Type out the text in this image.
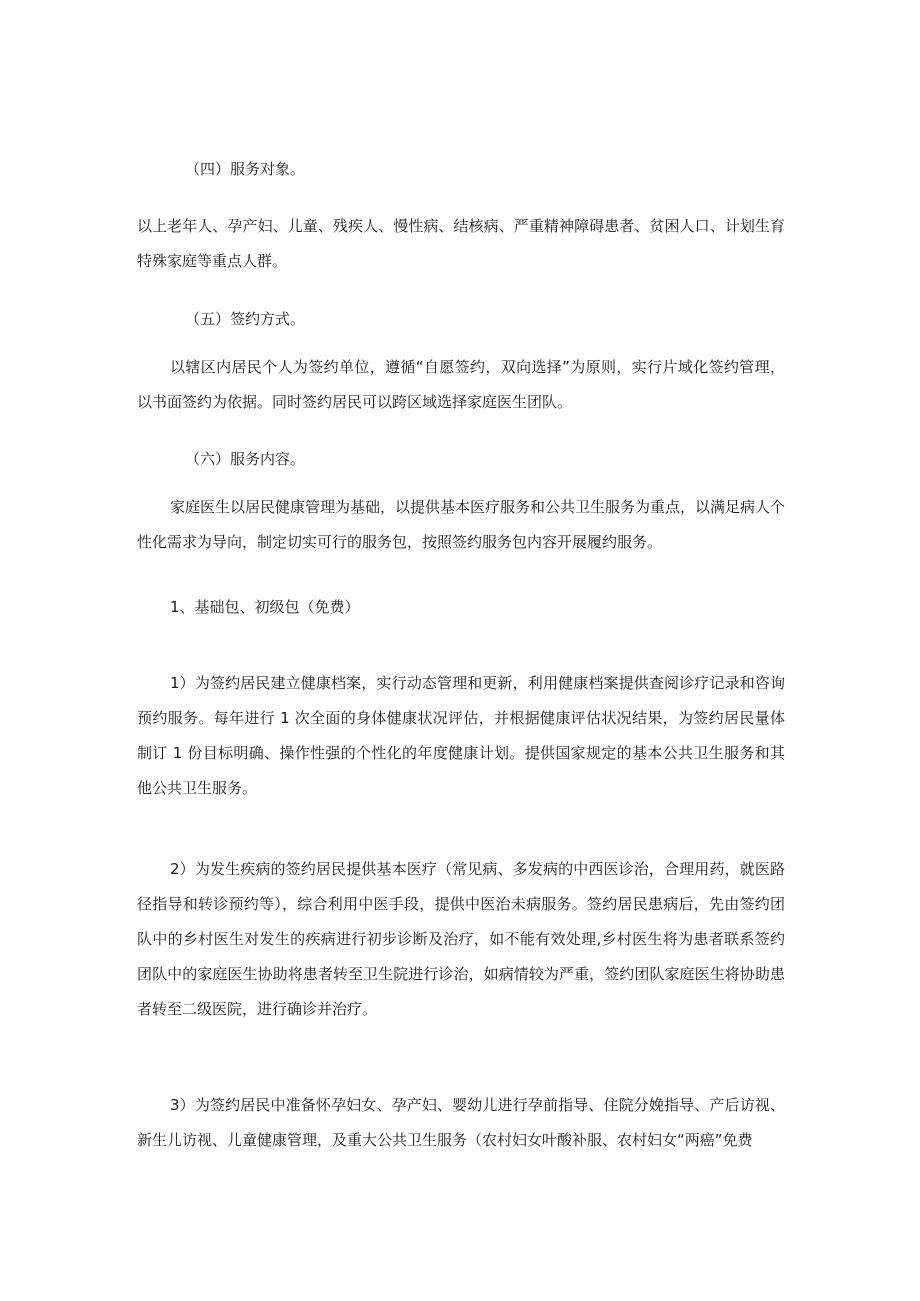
（四）服务对象。

以上老年人、孕产妇、儿童、残疾人、慢性病、结核病、严重精神障碍患者、贫困人口、计划生育特殊家庭等重点人群。

（五）签约方式。

以辖区内居民个人为签约单位，遵循“自愿签约，双向选择”为原则，实行片域化签约管理，以书面签约为依据。同时签约居民可以跨区域选择家庭医生团队。

（六）服务内容。

家庭医生以居民健康管理为基础，以提供基本医疗服务和公共卫生服务为重点，以满足病人个性化需求为导向，制定切实可行的服务包，按照签约服务包内容开展履约服务。

1、基础包、初级包（免费）

1）为签约居民建立健康档案，实行动态管理和更新，利用健康档案提供查阅诊疗记录和咨询预约服务。每年进行 1 次全面的身体健康状况评估，并根据健康评估状况结果，为签约居民量体制订 1 份目标明确、操作性强的个性化的年度健康计划。提供国家规定的基本公共卫生服务和其他公共卫生服务。

2）为发生疾病的签约居民提供基本医疗（常见病、多发病的中西医诊治，合理用药，就医路径指导和转诊预约等），综合利用中医手段，提供中医治未病服务。签约居民患病后，先由签约团队中的乡村医生对发生的疾病进行初步诊断及治疗，如不能有效处理,乡村医生将为患者联系签约团队中的家庭医生协助将患者转至卫生院进行诊治，如病情较为严重，签约团队家庭医生将协助患者转至二级医院，进行确诊并治疗。

3）为签约居民中准备怀孕妇女、孕产妇、婴幼儿进行孕前指导、住院分娩指导、产后访视、新生儿访视、儿童健康管理，及重大公共卫生服务（农村妇女叶酸补服、农村妇女“两癌”免费
